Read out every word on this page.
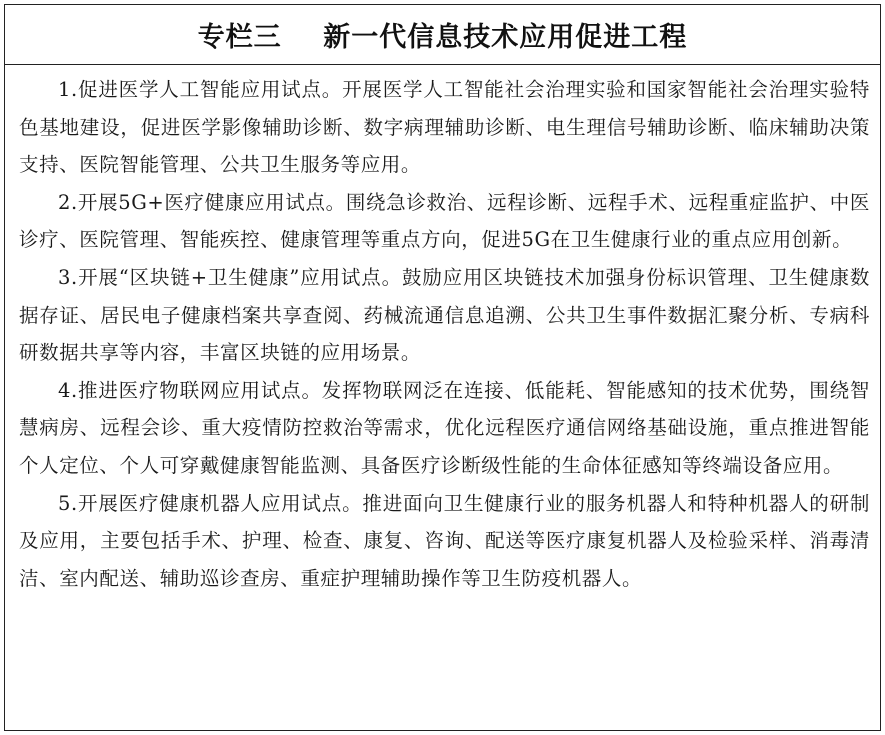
专栏三    新一代信息技术应用促进工程

1.促进医学人工智能应用试点。开展医学人工智能社会治理实验和国家智能社会治理实验特色基地建设，促进医学影像辅助诊断、数字病理辅助诊断、电生理信号辅助诊断、临床辅助决策支持、医院智能管理、公共卫生服务等应用。

2.开展5G+医疗健康应用试点。围绕急诊救治、远程诊断、远程手术、远程重症监护、中医诊疗、医院管理、智能疾控、健康管理等重点方向，促进5G在卫生健康行业的重点应用创新。

3.开展“区块链+卫生健康”应用试点。鼓励应用区块链技术加强身份标识管理、卫生健康数据存证、居民电子健康档案共享查阅、药械流通信息追溯、公共卫生事件数据汇聚分析、专病科研数据共享等内容，丰富区块链的应用场景。

4.推进医疗物联网应用试点。发挥物联网泛在连接、低能耗、智能感知的技术优势，围绕智慧病房、远程会诊、重大疫情防控救治等需求，优化远程医疗通信网络基础设施，重点推进智能个人定位、个人可穿戴健康智能监测、具备医疗诊断级性能的生命体征感知等终端设备应用。

5.开展医疗健康机器人应用试点。推进面向卫生健康行业的服务机器人和特种机器人的研制及应用，主要包括手术、护理、检查、康复、咨询、配送等医疗康复机器人及检验采样、消毒清洁、室内配送、辅助巡诊查房、重症护理辅助操作等卫生防疫机器人。
